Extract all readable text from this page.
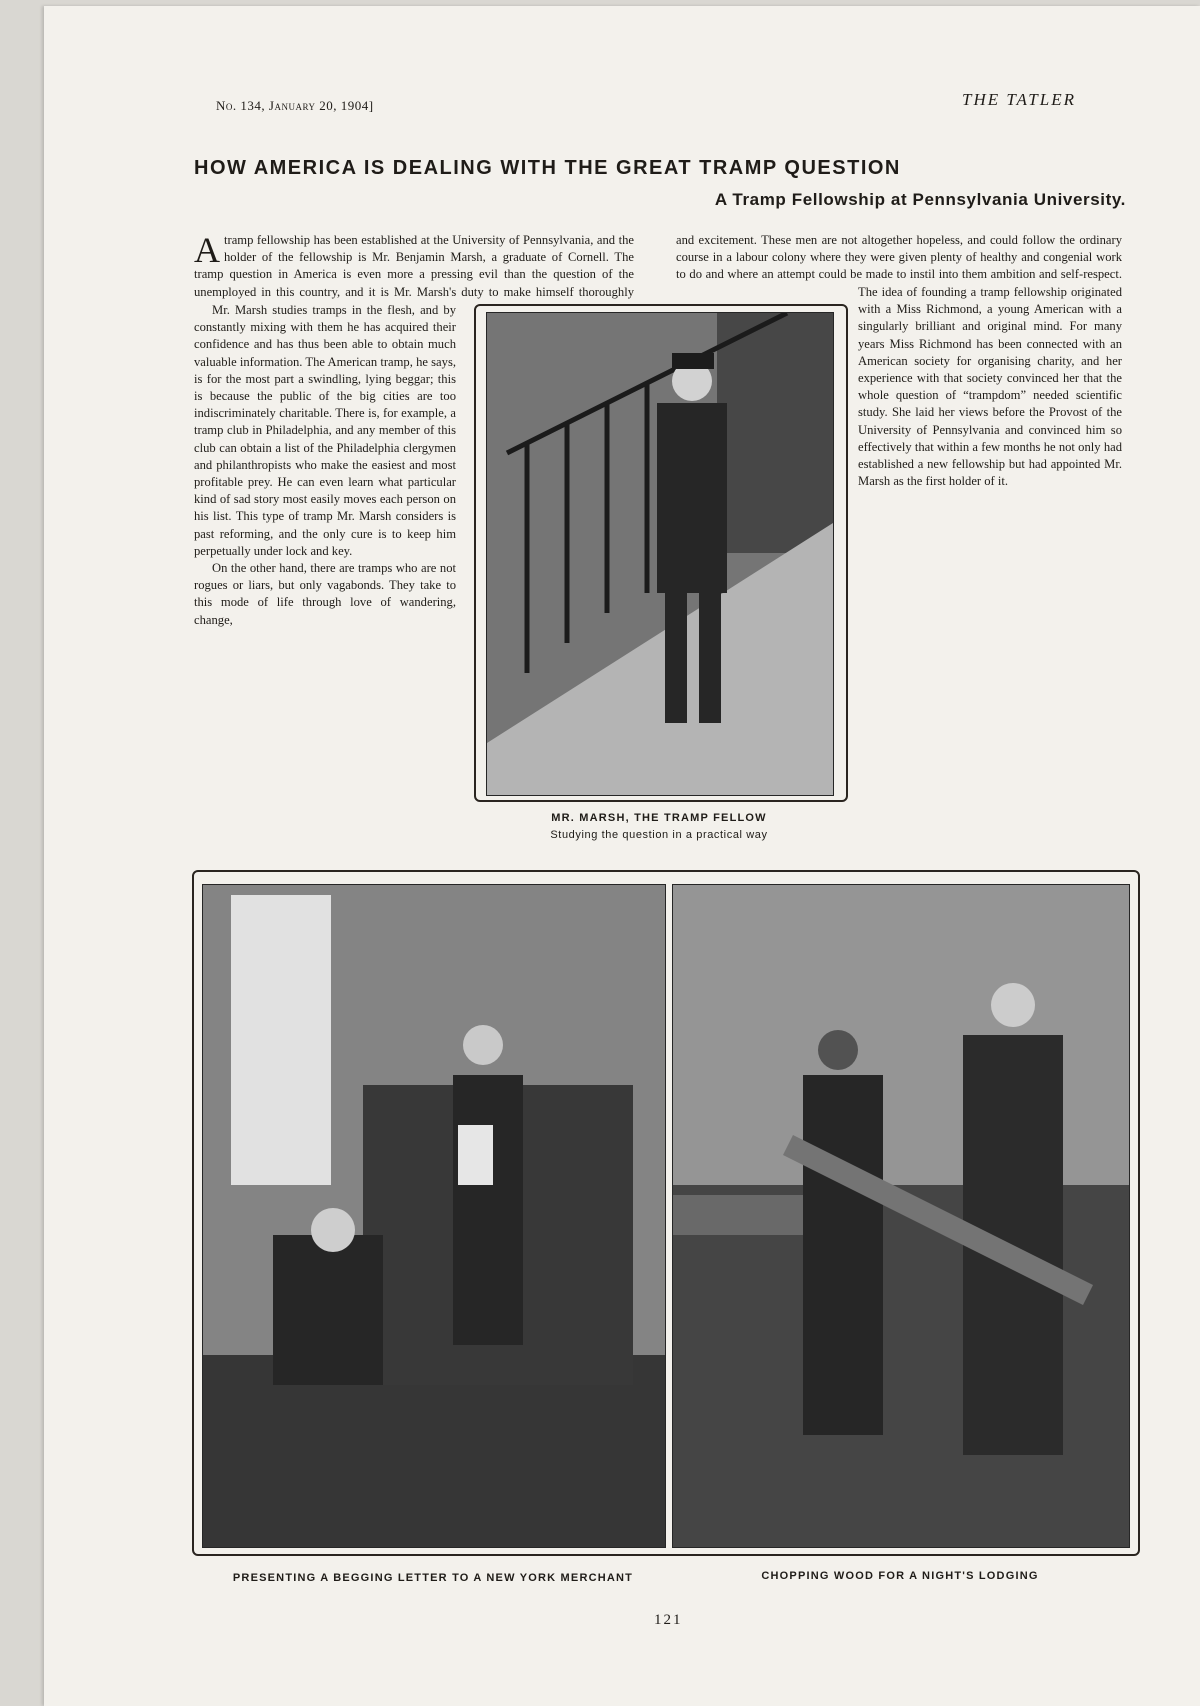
No. 134, January 20, 1904]	THE TATLER
HOW AMERICA IS DEALING WITH THE GREAT TRAMP QUESTION
A Tramp Fellowship at Pennsylvania University.

Atramp fellowship has been established at the University of Pennsylvania, and the holder of the fellowship is Mr. Benjamin Marsh, a graduate of Cornell. The tramp question in America is even more a pressing evil than the question of the unemployed in this country, and it is Mr. Marsh's duty to make himself thoroughly

Mr. Marsh studies tramps in the flesh, and by constantly mixing with them he has acquired their confidence and has thus been able to obtain much valuable information. The American tramp, he says, is for the most part a swindling, lying beggar; this is because the public of the big cities are too indiscriminately charitable. There is, for example, a tramp club in Philadelphia, and any member of this club can obtain a list of the Philadelphia clergymen and philanthropists who make the easiest and most profitable prey. He can even learn what particular kind of sad story most easily moves each person on his list. This type of tramp Mr. Marsh considers is past reforming, and the only cure is to keep him perpetually under lock and key.

On the other hand, there are tramps who are not rogues or liars, but only vagabonds. They take to this mode of life through love of wandering, change,

and excitement. These men are not altogether hopeless, and could follow the ordinary course in a labour colony where they were given plenty of healthy and congenial work to do and where an attempt could be made to instil into them ambition and self-respect.

The idea of founding a tramp fellowship originated with a Miss Richmond, a young American with a singularly brilliant and original mind. For many years Miss Richmond has been connected with an American society for organising charity, and her experience with that society convinced her that the whole question of “trampdom” needed scientific study. She laid her views before the Provost of the University of Pennsylvania and convinced him so effectively that within a few months he not only had established a new fellowship but had appointed Mr. Marsh as the first holder of it.

MR. MARSH, THE TRAMP FELLOW
Studying the question in a practical way
PRESENTING A BEGGING LETTER TO A NEW YORK MERCHANT	CHOPPING WOOD FOR A NIGHT'S LODGING
121
